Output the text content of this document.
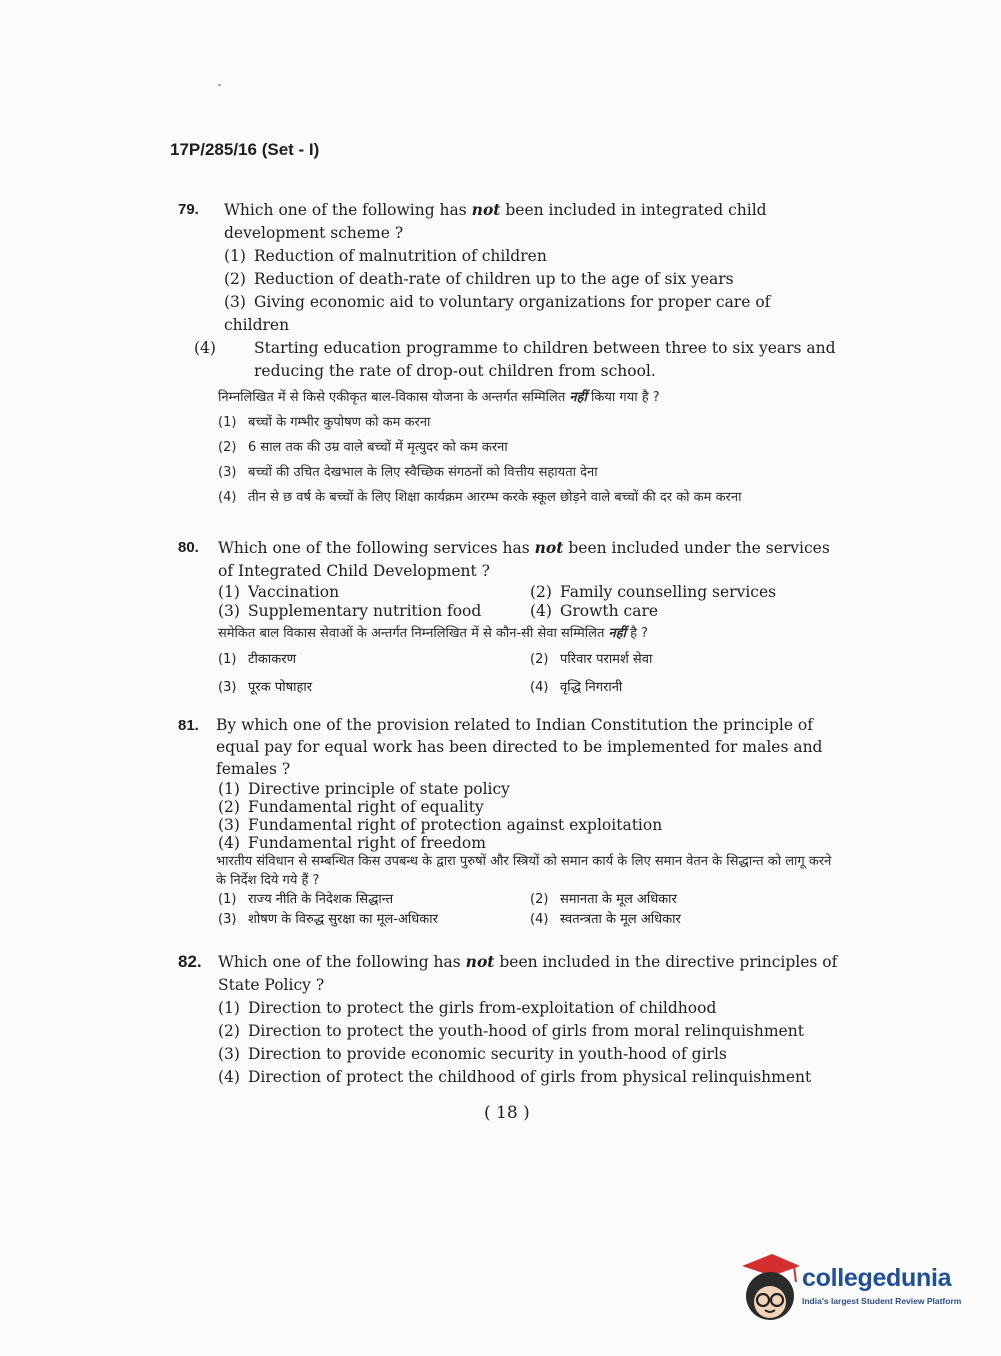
17P/285/16 (Set - I)
79. Which one of the following has not been included in integrated child development scheme ?
(1) Reduction of malnutrition of children
(2) Reduction of death-rate of children up to the age of six years
(3) Giving economic aid to voluntary organizations for proper care of children
(4) Starting education programme to children between three to six years and reducing the rate of drop-out children from school.
निम्नलिखित में से किसे एकीकृत बाल-विकास योजना के अन्तर्गत सम्मिलित नहीं किया गया है ?
(1) बच्चों के गम्भीर कुपोषण को कम करना
(2) 6 साल तक की उम्र वाले बच्चों में मृत्युदर को कम करना
(3) बच्चों की उचित देखभाल के लिए स्वैच्छिक संगठनों को वित्तीय सहायता देना
(4) तीन से छ वर्ष के बच्चों के लिए शिक्षा कार्यक्रम आरम्भ करके स्कूल छोड़ने वाले बच्चों की दर को कम करना
80. Which one of the following services has not been included under the services of Integrated Child Development ?
(1) Vaccination	(2) Family counselling services
(3) Supplementary nutrition food	(4) Growth care
समेकित बाल विकास सेवाओं के अन्तर्गत निम्नलिखित में से कौन-सी सेवा सम्मिलित नहीं है ?
(1) टीकाकरण	(2) परिवार परामर्श सेवा
(3) पूरक पोषाहार	(4) वृद्धि निगरानी
81. By which one of the provision related to Indian Constitution the principle of equal pay for equal work has been directed to be implemented for males and females ?
(1) Directive principle of state policy
(2) Fundamental right of equality
(3) Fundamental right of protection against exploitation
(4) Fundamental right of freedom
भारतीय संविधान से सम्बन्धित किस उपबन्ध के द्वारा पुरुषों और स्त्रियों को समान कार्य के लिए समान वेतन के सिद्धान्त को लागू करने के निर्देश दिये गये हैं ?
(1) राज्य नीति के निदेशक सिद्धान्त	(2) समानता के मूल अधिकार
(3) शोषण के विरुद्ध सुरक्षा का मूल-अधिकार	(4) स्वतन्त्रता के मूल अधिकार
82. Which one of the following has not been included in the directive principles of State Policy ?
(1) Direction to protect the girls from-exploitation of childhood
(2) Direction to protect the youth-hood of girls from moral relinquishment
(3) Direction to provide economic security in youth-hood of girls
(4) Direction of protect the childhood of girls from physical relinquishment
( 18 )
collegedunia
India's largest Student Review Platform
